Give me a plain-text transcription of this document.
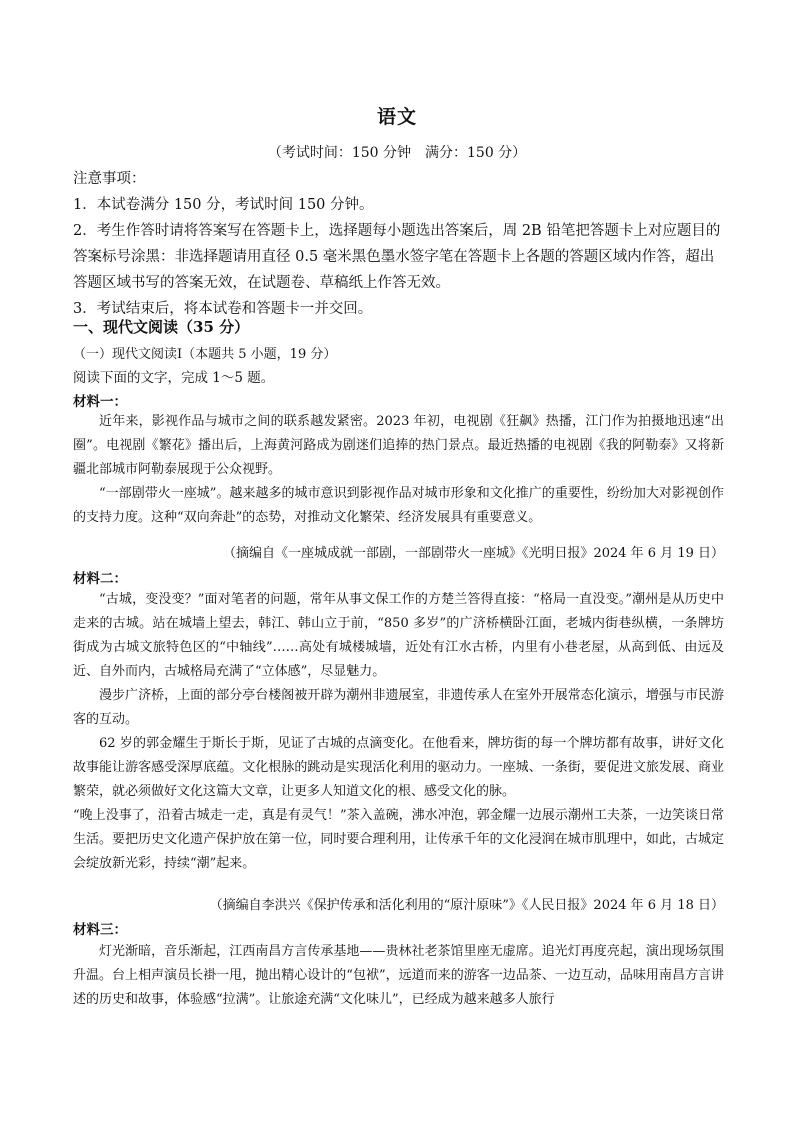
语文
（考试时间：150 分钟　满分：150 分）

注意事项：

1．本试卷满分 150 分，考试时间 150 分钟。

2．考生作答时请将答案写在答题卡上，选择题每小题选出答案后，周 2B 铅笔把答题卡上对应题目的答案标号涂黑：非选择题请用直径 0.5 毫米黑色墨水签字笔在答题卡上各题的答题区域内作答，超出答题区域书写的答案无效，在试题卷、草稿纸上作答无效。

3．考试结束后，将本试卷和答题卡一并交回。

一、现代文阅读（35 分）
（一）现代文阅读Ⅰ（本题共 5 小题，19 分）
阅读下面的文字，完成 1～5 题。
材料一：

近年来，影视作品与城市之间的联系越发紧密。2023 年初，电视剧《狂飙》热播，江门作为拍摄地迅速“出圈”。电视剧《繁花》播出后，上海黄河路成为剧迷们追捧的热门景点。最近热播的电视剧《我的阿勒泰》又将新疆北部城市阿勒泰展现于公众视野。

“一部剧带火一座城”。越来越多的城市意识到影视作品对城市形象和文化推广的重要性，纷纷加大对影视创作的支持力度。这种“双向奔赴”的态势，对推动文化繁荣、经济发展具有重要意义。

（摘编自《一座城成就一部剧，一部剧带火一座城》《光明日报》2024 年 6 月 19 日）
材料二：

“古城，变没变？”面对笔者的问题，常年从事文保工作的方楚兰答得直接：“格局一直没变。”潮州是从历史中走来的古城。站在城墙上望去，韩江、韩山立于前，“850 多岁”的广济桥横卧江面，老城内街巷纵横，一条牌坊街成为古城文旅特色区的“中轴线”……高处有城楼城墙，近处有江水古桥，内里有小巷老屋，从高到低、由远及近、自外而内，古城格局充满了“立体感”，尽显魅力。

漫步广济桥，上面的部分亭台楼阁被开辟为潮州非遗展室，非遗传承人在室外开展常态化演示，增强与市民游客的互动。

62 岁的郭金耀生于斯长于斯，见证了古城的点滴变化。在他看来，牌坊街的每一个牌坊都有故事，讲好文化故事能让游客感受深厚底蕴。文化根脉的跳动是实现活化利用的驱动力。一座城、一条街，要促进文旅发展、商业繁荣，就必须做好文化这篇大文章，让更多人知道文化的根、感受文化的脉。

“晚上没事了，沿着古城走一走，真是有灵气！”茶入盖碗，沸水冲泡，郭金耀一边展示潮州工夫茶，一边笑谈日常生活。要把历史文化遗产保护放在第一位，同时要合理利用，让传承千年的文化浸润在城市肌理中，如此，古城定会绽放新光彩，持续“潮”起来。

（摘编自李洪兴《保护传承和活化利用的“原汁原味”》《人民日报》2024 年 6 月 18 日）
材料三：

灯光渐暗，音乐渐起，江西南昌方言传承基地——贵林社老茶馆里座无虚席。追光灯再度亮起，演出现场氛围升温。台上相声演员长褂一甩，抛出精心设计的“包袱”，远道而来的游客一边品茶、一边互动，品味用南昌方言讲述的历史和故事，体验感“拉满”。让旅途充满“文化味儿”，已经成为越来越多人旅行
